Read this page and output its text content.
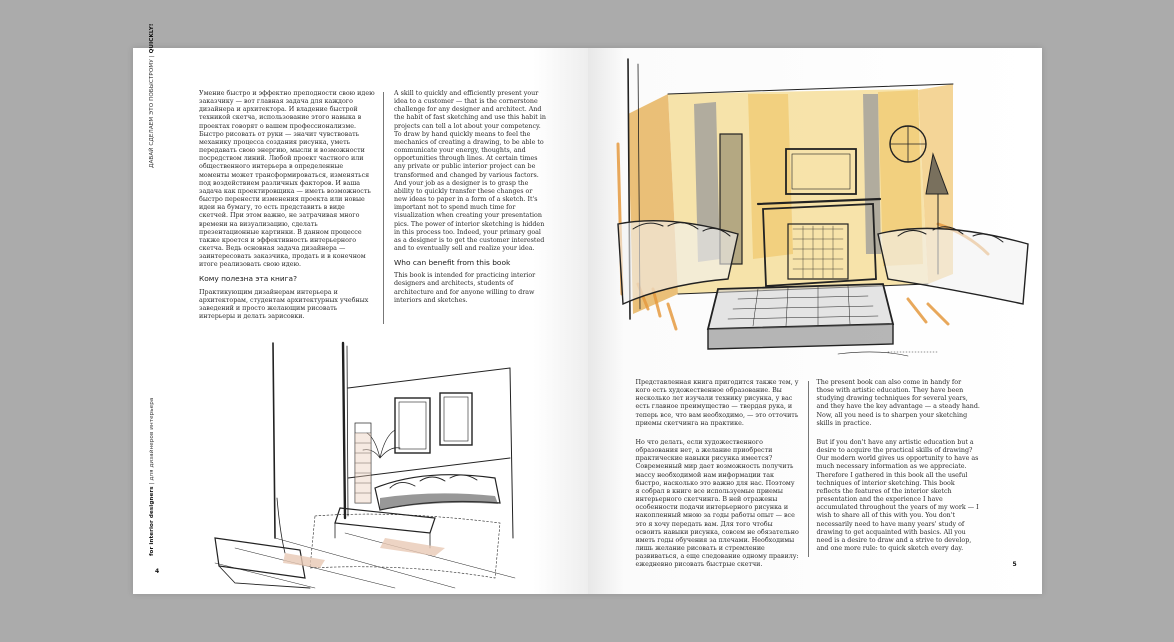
ДАВАЙ СДЕЛАЕМ ЭТО ПОБЫСТРОМУ | QUICKLY!
for interior designers | для дизайнеров интерьера

Умение быстро и эффектно преподности свою идею заказчику — вот главная задача для каждого дизайнера и архитектора. И владение быстрой техникой скетча, использование этого навыка в проектах говорят о вашем профессионализме. Быстро рисовать от руки — значит чувствовать механику процесса создания рисунка, уметь передавать свою энергию, мысли и возможности посредством линий. Любой проект частного или общественного интерьера в определенные моменты может трансформироваться, изменяться под воздействием различных факторов. И ваша задача как проектировщика — иметь возможность быстро перенести изменения проекта или новые идеи на бумагу, то есть представить в виде скетчей. При этом важно, не затрачивая много времени на визуализацию, сделать презентационные картинки. В данном процессе также кроется и эффективность интерьерного скетча. Ведь основная задача дизайнера — заинтересовать заказчика, продать и в конечном итоге реализовать свою идею.

Кому полезна эта книга?

Практикующим дизайнерам интерьера и архитекторам, студентам архитектурных учебных заведений и просто желающим рисовать интерьеры и делать зарисовки.

A skill to quickly and efficiently present your idea to a customer — that is the cornerstone challenge for any designer and architect. And the habit of fast sketching and use this habit in projects can tell a lot about your competency. To draw by hand quickly means to feel the mechanics of creating a drawing, to be able to communicate your energy, thoughts, and opportunities through lines. At certain times any private or public interior project can be transformed and changed by various factors. And your job as a designer is to grasp the ability to quickly transfer these changes or new ideas to paper in a form of a sketch. It's important not to spend much time for visualization when creating your presentation pics. The power of interior sketching is hidden in this process too. Indeed, your primary goal as a designer is to get the customer interested and to eventually sell and realize your idea.

Who can benefit from this book

This book is intended for practicing interior designers and architects, students of architecture and for anyone willing to draw interiors and sketches.

4

Представленная книга пригодится также тем, у кого есть художественное образование. Вы несколько лет изучали технику рисунка, у вас есть главное преимущество — твердая рука, и теперь все, что вам необходимо, — это отточить приемы скетчинга на практике.

Но что делать, если художественного образования нет, а желание приобрести практические навыки рисунка имеется? Современный мир дает возможность получить массу необходимой нам информации так быстро, насколько это важно для нас. Поэтому я собрал в книге все используемые приемы интерьерного скетчинга. В ней отражены особенности подачи интерьерного рисунка и накопленный мною за годы работы опыт — все это я хочу передать вам. Для того чтобы освоить навыки рисунка, совсем не обязательно иметь годы обучения за плечами. Необходимы лишь желание рисовать и стремление развиваться, а еще следование одному правилу: ежедневно рисовать быстрые скетчи.

The present book can also come in handy for those with artistic education. They have been studying drawing techniques for several years, and they have the key advantage — a steady hand. Now, all you need is to sharpen your sketching skills in practice.

But if you don't have any artistic education but a desire to acquire the practical skills of drawing? Our modern world gives us opportunity to have as much necessary information as we appreciate. Therefore I gathered in this book all the useful techniques of interior sketching. This book reflects the features of the interior sketch presentation and the experience I have accumulated throughout the years of my work — I wish to share all of this with you. You don't necessarily need to have many years' study of drawing to get acquainted with basics. All you need is a desire to draw and a strive to develop, and one more rule: to quick sketch every day.

5
